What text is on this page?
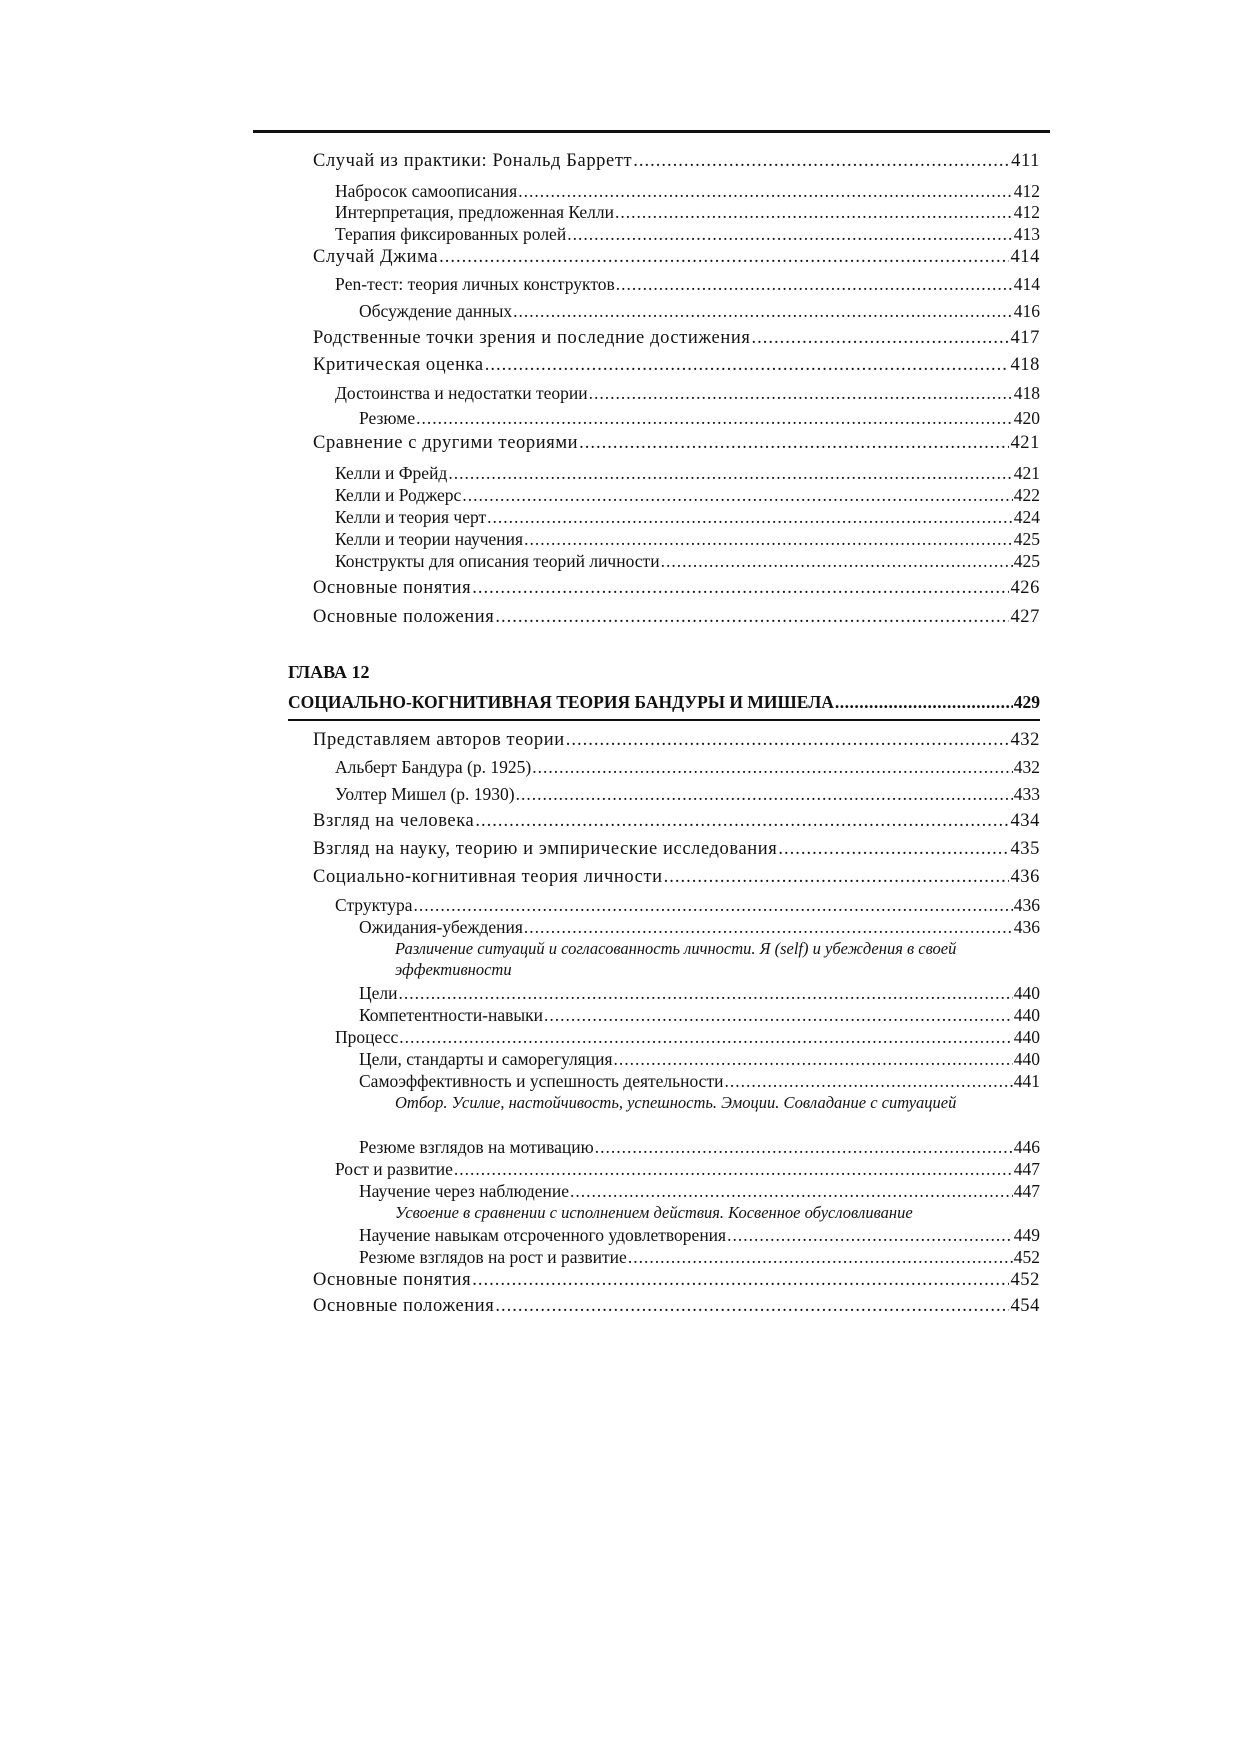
Случай из практики: Рональд Барретт .....	411
Набросок самоописания .....	412
Интерпретация, предложенная Келли .....	412
Терапия фиксированных ролей .....	413
Случай Джима .....	414
Pen-тест: теория личных конструктов .....	414
Обсуждение данных .....	416
Родственные точки зрения и последние достижения .....	417
Критическая оценка .....	418
Достоинства и недостатки теории .....	418
Резюме .....	420
Сравнение с другими теориями .....	421
Келли и Фрейд .....	421
Келли и Роджерс .....	422
Келли и теория черт .....	424
Келли и теории научения .....	425
Конструкты для описания теорий личности .....	425
Основные понятия .....	426
Основные положения .....	427
ГЛАВА 12
СОЦИАЛЬНО-КОГНИТИВНАЯ ТЕОРИЯ БАНДУРЫ И МИШЕЛА .....	429
Представляем авторов теории .....	432
Альберт Бандура (р. 1925) .....	432
Уолтер Мишел (р. 1930) .....	433
Взгляд на человека .....	434
Взгляд на науку, теорию и эмпирические исследования .....	435
Социально-когнитивная теория личности .....	436
Структура .....	436
Ожидания-убеждения .....	436
Различение ситуаций и согласованность личности. Я (self) и убеждения в своей эффективности
Цели .....	440
Компетентности-навыки .....	440
Процесс .....	440
Цели, стандарты и саморегуляция .....	440
Самоэффективность и успешность деятельности .....	441
Отбор. Усилие, настойчивость, успешность. Эмоции. Совладание с ситуацией
Резюме взглядов на мотивацию .....	446
Рост и развитие .....	447
Научение через наблюдение .....	447
Усвоение в сравнении с исполнением действия. Косвенное обусловливание
Научение навыкам отсроченного удовлетворения .....	449
Резюме взглядов на рост и развитие .....	452
Основные понятия .....	452
Основные положения .....	454
